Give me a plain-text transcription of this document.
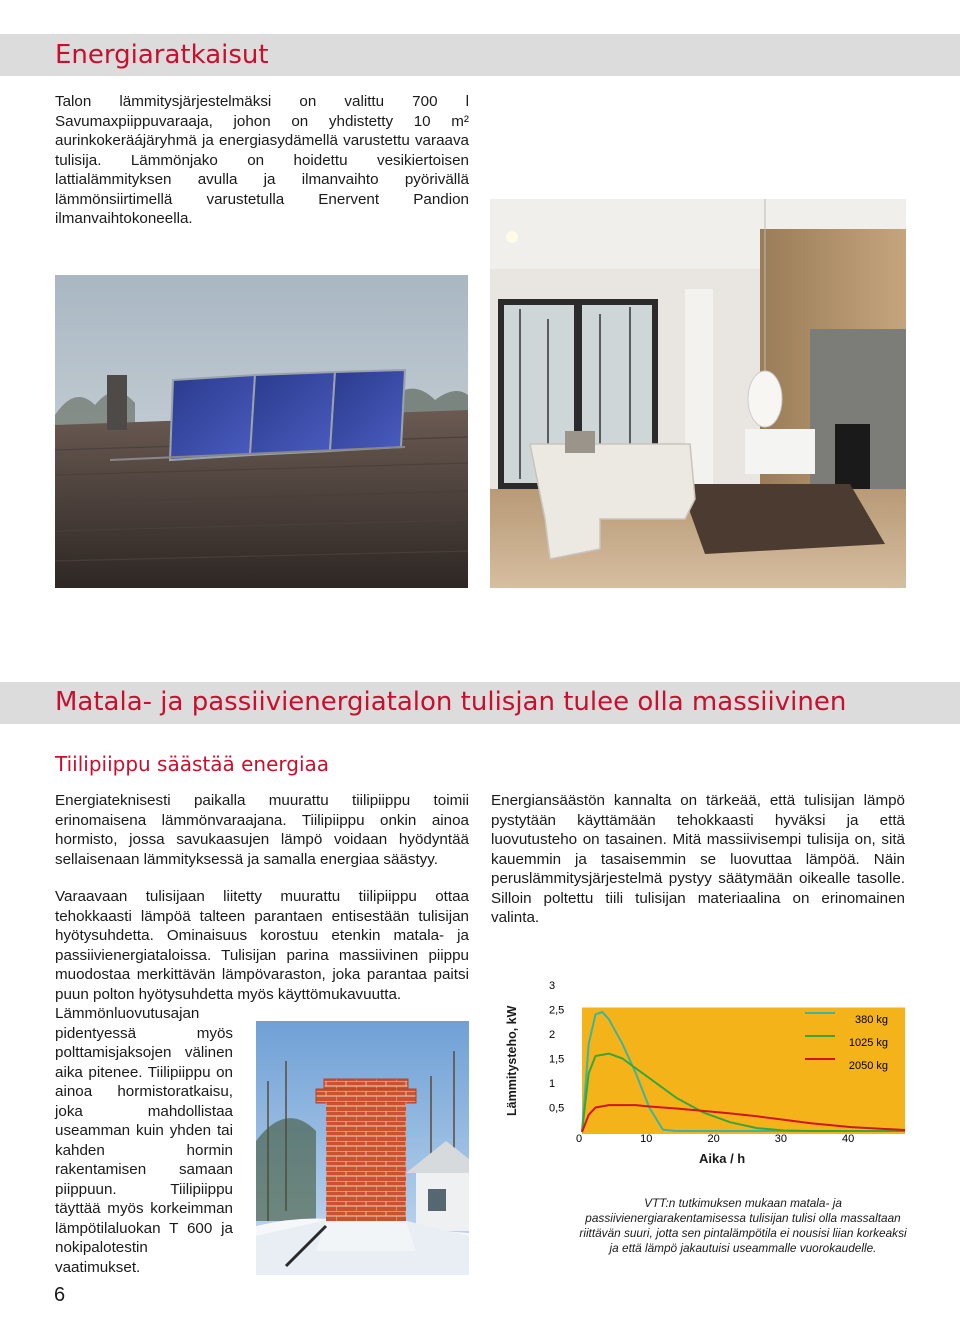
Energiaratkaisut

Talon lämmitysjärjestelmäksi on valittu 700 l Savumaxpiippuvaraaja, johon on yhdistetty 10 m² aurinkokeräájäryhmä ja energiasydämellä varustettu varaava tulisija. Lämmönjako on hoidettu vesikiertoisen lattialämmityksen avulla ja ilmanvaihto pyörivällä lämmönsiirtimellä varustetulla Enervent Pandion ilmanvaihtokoneella.

Matala- ja passiivienergiatalon tulisjan tulee olla massiivinen
Tiilipiippu säästää energiaa

Energiateknisesti paikalla muurattu tiilipiippu toimii erinomaisena lämmönvaraajana. Tiilipiippu onkin ainoa hormisto, jossa savukaasujen lämpö voidaan hyödyntää sellaisenaan lämmityksessä ja samalla energiaa säästyy.

Varaavaan tulisijaan liitetty muurattu tiilipiippu ottaa tehokkaasti lämpöä talteen parantaen entisestään tulisijan hyötysuhdetta. Ominaisuus korostuu etenkin matala- ja passiivienergiataloissa. Tulisijan parina massiivinen piippu muodostaa merkittävän lämpövaraston, joka parantaa paitsi puun polton hyötysuhdetta myös käyttömukavuutta.

Lämmönluovutusajan pidentyessä myös polttamisjaksojen välinen aika pitenee. Tiilipiippu on ainoa hormistoratkaisu, joka mahdollistaa useamman kuin yhden tai kahden hormin rakentamisen samaan piippuun. Tiilipiippu täyttää myös korkeimman lämpötilaluokan T 600 ja nokipalotestin vaatimukset.

Energiansäästön kannalta on tärkeää, että tulisijan lämpö pystytään käyttämään tehokkaasti hyväksi ja että luovutusteho on tasainen. Mitä massiivisempi tulisija on, sitä kauemmin ja tasaisemmin se luovuttaa lämpöä. Näin peruslämmitysjärjestelmä pystyy säätymään oikealle tasolle. Silloin poltettu tiili tulisijan materiaalina on erinomainen valinta.

0,5
1
1,5
2
2,5
3
0	10	20	30	40
380 kg
1025 kg
2050 kg
Lämmitysteho, kW
Aika / h
VTT:n tutkimuksen mukaan matala- ja passiivienergiarakentamisessa tulisijan tulisi olla massaltaan riittävän suuri, jotta sen pintalämpötila ei nousisi liian korkeaksi ja että lämpö jakautuisi useammalle vuorokaudelle.
6
